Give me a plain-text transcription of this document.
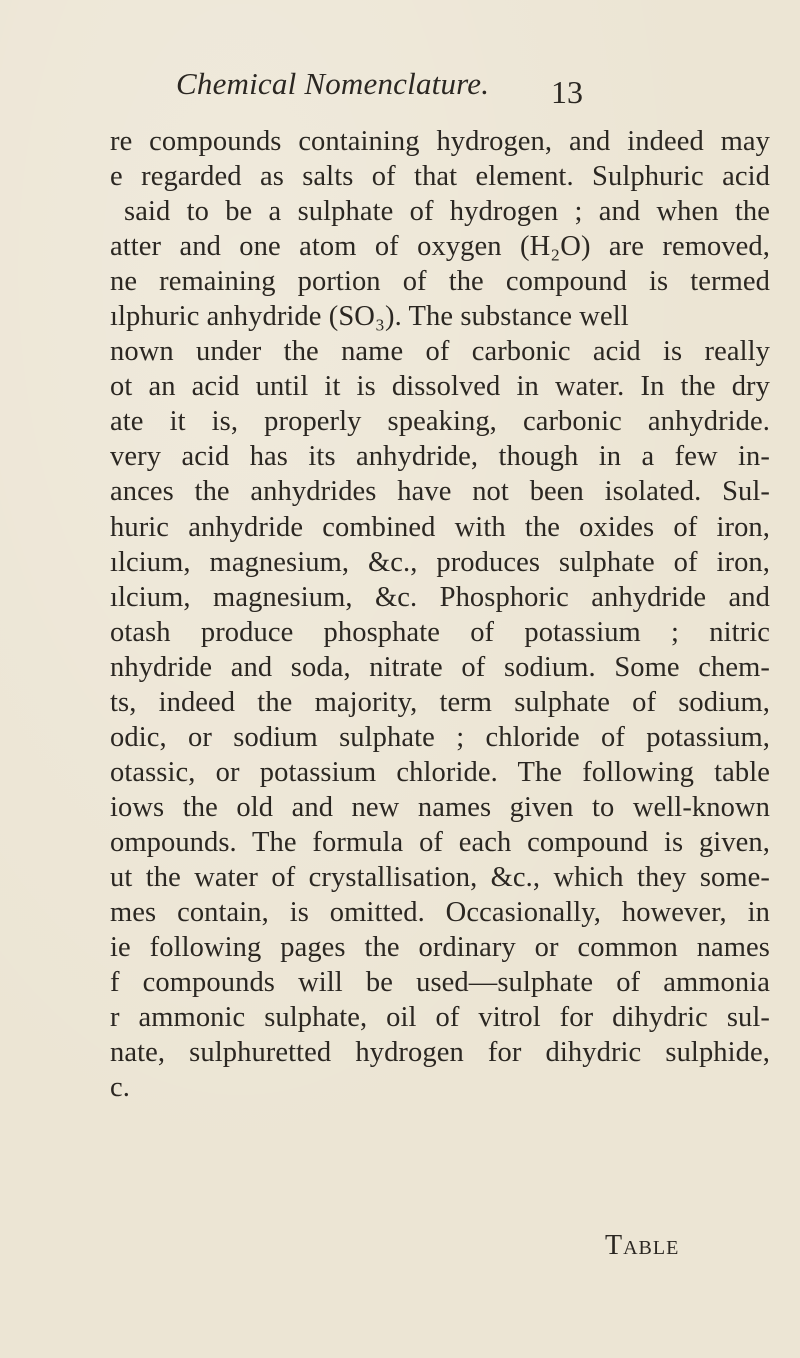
Chemical Nomenclature.	13
re compounds containing hydrogen, and indeed may
e regarded as salts of that element. Sulphuric acid
said to be a sulphate of hydrogen ; and when the
atter and one atom of oxygen (H₂O) are removed,
ne remaining portion of the compound is termed
ılphuric anhydride (SO₃). The substance well
nown under the name of carbonic acid is really
ot an acid until it is dissolved in water. In the dry
ate it is, properly speaking, carbonic anhydride.
very acid has its anhydride, though in a few in-
ances the anhydrides have not been isolated. Sul-
huric anhydride combined with the oxides of iron,
ılcium, magnesium, &c., produces sulphate of iron,
ılcium, magnesium, &c. Phosphoric anhydride and
otash produce phosphate of potassium ; nitric
nhydride and soda, nitrate of sodium. Some chem-
ts, indeed the majority, term sulphate of sodium,
odic, or sodium sulphate ; chloride of potassium,
otassic, or potassium chloride. The following table
iows the old and new names given to well-known
ompounds. The formula of each compound is given,
ut the water of crystallisation, &c., which they some-
mes contain, is omitted. Occasionally, however, in
ie following pages the ordinary or common names
f compounds will be used—sulphate of ammonia
r ammonic sulphate, oil of vitrol for dihydric sul-
nate, sulphuretted hydrogen for dihydric sulphide,
c.
Table
